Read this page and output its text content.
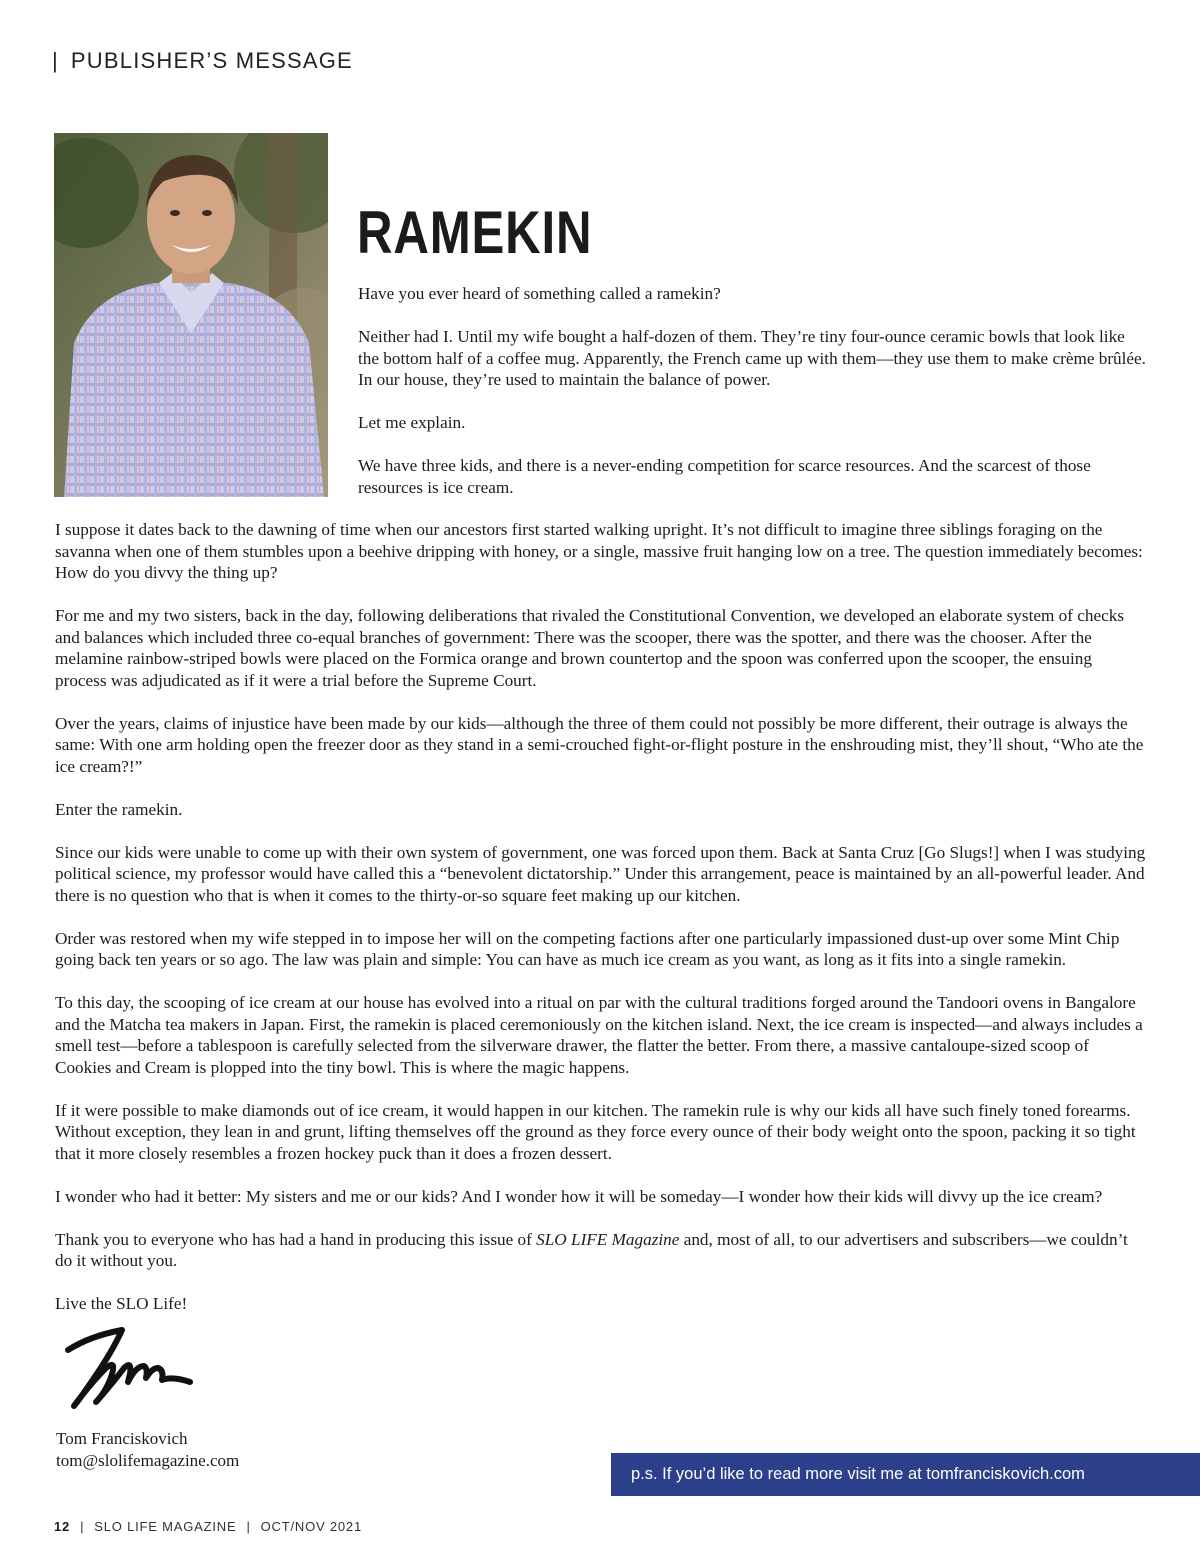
| PUBLISHER’S MESSAGE
RAMEKIN

Have you ever heard of something called a ramekin?

Neither had I. Until my wife bought a half-dozen of them. They’re tiny four-ounce ceramic bowls that look like the bottom half of a coffee mug. Apparently, the French came up with them—they use them to make crème brûlée. In our house, they’re used to maintain the balance of power.

Let me explain.

We have three kids, and there is a never-ending competition for scarce resources. And the scarcest of those resources is ice cream.

I suppose it dates back to the dawning of time when our ancestors first started walking upright. It’s not difficult to imagine three siblings foraging on the savanna when one of them stumbles upon a beehive dripping with honey, or a single, massive fruit hanging low on a tree. The question immediately becomes: How do you divvy the thing up?

For me and my two sisters, back in the day, following deliberations that rivaled the Constitutional Convention, we developed an elaborate system of checks and balances which included three co-equal branches of government: There was the scooper, there was the spotter, and there was the chooser. After the melamine rainbow-striped bowls were placed on the Formica orange and brown countertop and the spoon was conferred upon the scooper, the ensuing process was adjudicated as if it were a trial before the Supreme Court.

Over the years, claims of injustice have been made by our kids—although the three of them could not possibly be more different, their outrage is always the same: With one arm holding open the freezer door as they stand in a semi-crouched fight-or-flight posture in the enshrouding mist, they’ll shout, “Who ate the ice cream?!”

Enter the ramekin.

Since our kids were unable to come up with their own system of government, one was forced upon them. Back at Santa Cruz [Go Slugs!] when I was studying political science, my professor would have called this a “benevolent dictatorship.” Under this arrangement, peace is maintained by an all-powerful leader. And there is no question who that is when it comes to the thirty-or-so square feet making up our kitchen.

Order was restored when my wife stepped in to impose her will on the competing factions after one particularly impassioned dust-up over some Mint Chip going back ten years or so ago. The law was plain and simple: You can have as much ice cream as you want, as long as it fits into a single ramekin.

To this day, the scooping of ice cream at our house has evolved into a ritual on par with the cultural traditions forged around the Tandoori ovens in Bangalore and the Matcha tea makers in Japan. First, the ramekin is placed ceremoniously on the kitchen island. Next, the ice cream is inspected—and always includes a smell test—before a tablespoon is carefully selected from the silverware drawer, the flatter the better. From there, a massive cantaloupe-sized scoop of Cookies and Cream is plopped into the tiny bowl. This is where the magic happens.

If it were possible to make diamonds out of ice cream, it would happen in our kitchen. The ramekin rule is why our kids all have such finely toned forearms. Without exception, they lean in and grunt, lifting themselves off the ground as they force every ounce of their body weight onto the spoon, packing it so tight that it more closely resembles a frozen hockey puck than it does a frozen dessert.

I wonder who had it better: My sisters and me or our kids? And I wonder how it will be someday—I wonder how their kids will divvy up the ice cream?

Thank you to everyone who has had a hand in producing this issue of SLO LIFE Magazine and, most of all, to our advertisers and subscribers—we couldn’t do it without you.

Live the SLO Life!

Tom Franciskovich
tom@slolifemagazine.com
p.s. If you’d like to read more visit me at tomfranciskovich.com
12 | SLO LIFE MAGAZINE | OCT/NOV 2021
